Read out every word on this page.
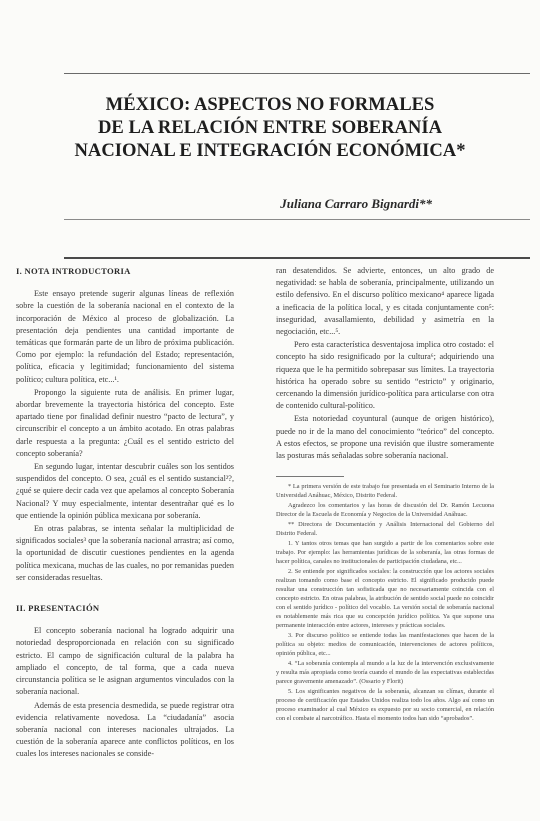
MÉXICO: ASPECTOS NO FORMALES
DE LA RELACIÓN ENTRE SOBERANÍA
NACIONAL E INTEGRACIÓN ECONÓMICA*
Juliana Carraro Bignardi**
I. NOTA INTRODUCTORIA

Este ensayo pretende sugerir algunas líneas de reflexión sobre la cuestión de la soberanía nacional en el contexto de la incorporación de México al proceso de globalización. La presentación deja pendientes una cantidad importante de temáticas que formarán parte de un libro de próxima publicación. Como por ejemplo: la refundación del Estado; representación, política, eficacia y legitimidad; funcionamiento del sistema político; cultura política, etc...¹.

Propongo la siguiente ruta de análisis. En primer lugar, abordar brevemente la trayectoria histórica del concepto. Este apartado tiene por finalidad definir nuestro “pacto de lectura”, y circunscribir el concepto a un ámbito acotado. En otras palabras darle respuesta a la pregunta: ¿Cuál es el sentido estricto del concepto soberanía?

En segundo lugar, intentar descubrir cuáles son los sentidos suspendidos del concepto. O sea, ¿cuál es el sentido sustancial²?, ¿qué se quiere decir cada vez que apelamos al concepto Soberanía Nacional? Y muy especialmente, intentar desentrañar qué es lo que entiende la opinión pública mexicana por soberanía.

En otras palabras, se intenta señalar la multiplicidad de significados sociales³ que la soberanía nacional arrastra; así como, la oportunidad de discutir cuestiones pendientes en la agenda política mexicana, muchas de las cuales, no por remanidas pueden ser consideradas resueltas.

II. PRESENTACIÓN

El concepto soberanía nacional ha logrado adquirir una notoriedad desproporcionada en relación con su significado estricto. El campo de significación cultural de la palabra ha ampliado el concepto, de tal forma, que a cada nueva circunstancia política se le asignan argumentos vinculados con la soberanía nacional.

Además de esta presencia desmedida, se puede registrar otra evidencia relativamente novedosa. La “ciudadanía” asocia soberanía nacional con intereses nacionales ultrajados. La cuestión de la soberanía aparece ante conflictos políticos, en los cuales los intereses nacionales se conside-

ran desatendidos. Se advierte, entonces, un alto grado de negatividad: se habla de soberanía, principalmente, utilizando un estilo defensivo. En el discurso político mexicano⁴ aparece ligada a ineficacia de la política local, y es citada conjuntamente con⁵: inseguridad, avasallamiento, debilidad y asimetría en la negociación, etc...⁵.

Pero esta característica desventajosa implica otro costado: el concepto ha sido resignificado por la cultura⁶; adquiriendo una riqueza que le ha permitido sobrepasar sus límites. La trayectoria histórica ha operado sobre su sentido “estricto” y originario, cercenando la dimensión jurídico-política para articularse con otra de contenido cultural-político.

Esta notoriedad coyuntural (aunque de origen histórico), puede no ir de la mano del conocimiento “teórico” del concepto. A estos efectos, se propone una revisión que ilustre someramente las posturas más señaladas sobre soberanía nacional.

* La primera versión de este trabajo fue presentada en el Seminario Interno de la Universidad Anáhuac, México, Distrito Federal.

Agradezco los comentarios y las horas de discusión del Dr. Ramón Lecuona Director de la Escuela de Economía y Negocios de la Universidad Anáhuac.

** Directora de Documentación y Análisis Internacional del Gobierno del Distrito Federal.

1. Y tantos otros temas que han surgido a partir de los comentarios sobre este trabajo. Por ejemplo: las herramientas jurídicas de la soberanía, las otras formas de hacer política, canales no institucionales de participación ciudadana, etc...

2. Se entiende por significados sociales: la construcción que los actores sociales realizan tomando como base el concepto estricto. El significado producido puede resultar una construcción tan sofisticada que no necesariamente coincida con el concepto estricto. En otras palabras, la atribución de sentido social puede no coincidir con el sentido jurídico - político del vocablo. La versión social de soberanía nacional es notablemente más rica que su concepción jurídico política. Ya que supone una permanente interacción entre actores, intereses y prácticas sociales.

3. Por discurso político se entiende todas las manifestaciones que hacen de la política su objeto: medios de comunicación, intervenciones de actores políticos, opinión pública, etc...

4. “La soberanía contempla al mundo a la luz de la intervención exclusivamente y resulta más apropiada como teoría cuando el mundo de las expectativas establecidas parece gravemente amenazado”. (Ossario y Florit)

5. Los significantes negativos de la soberanía, alcanzan su clímax, durante el proceso de certificación que Estados Unidos realiza todo los años. Algo así como un proceso examinador al cual México es expuesto por su socio comercial, en relación con el combate al narcotráfico. Hasta el momento todos han sido “aprobados”.
